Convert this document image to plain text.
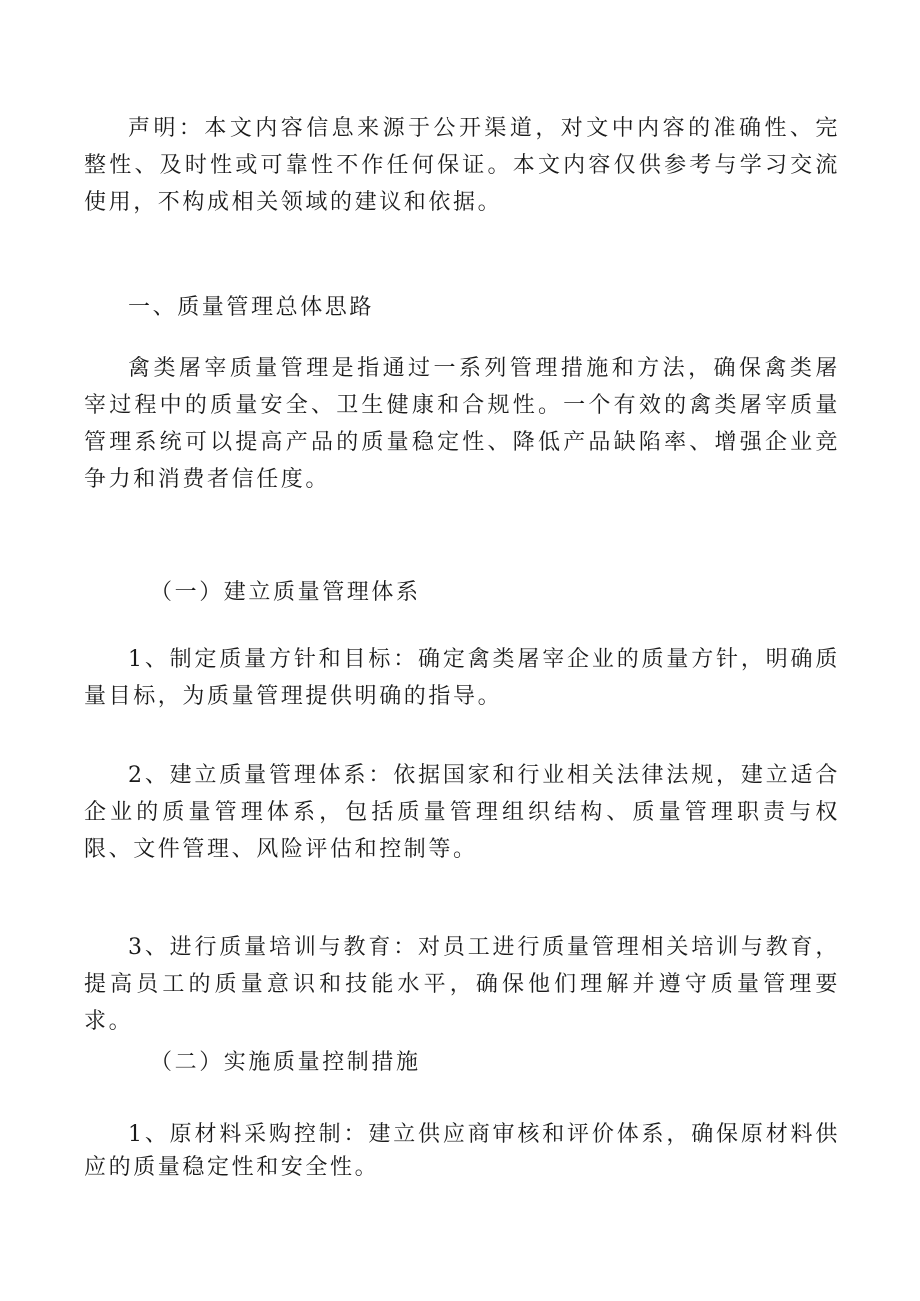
声明：本文内容信息来源于公开渠道，对文中内容的准确性、完整性、及时性或可靠性不作任何保证。本文内容仅供参考与学习交流使用，不构成相关领域的建议和依据。

一、质量管理总体思路

禽类屠宰质量管理是指通过一系列管理措施和方法，确保禽类屠宰过程中的质量安全、卫生健康和合规性。一个有效的禽类屠宰质量管理系统可以提高产品的质量稳定性、降低产品缺陷率、增强企业竞争力和消费者信任度。

（一）建立质量管理体系

1、制定质量方针和目标：确定禽类屠宰企业的质量方针，明确质量目标，为质量管理提供明确的指导。

2、建立质量管理体系：依据国家和行业相关法律法规，建立适合企业的质量管理体系，包括质量管理组织结构、质量管理职责与权限、文件管理、风险评估和控制等。

3、进行质量培训与教育：对员工进行质量管理相关培训与教育，提高员工的质量意识和技能水平，确保他们理解并遵守质量管理要求。

（二）实施质量控制措施

1、原材料采购控制：建立供应商审核和评价体系，确保原材料供应的质量稳定性和安全性。
